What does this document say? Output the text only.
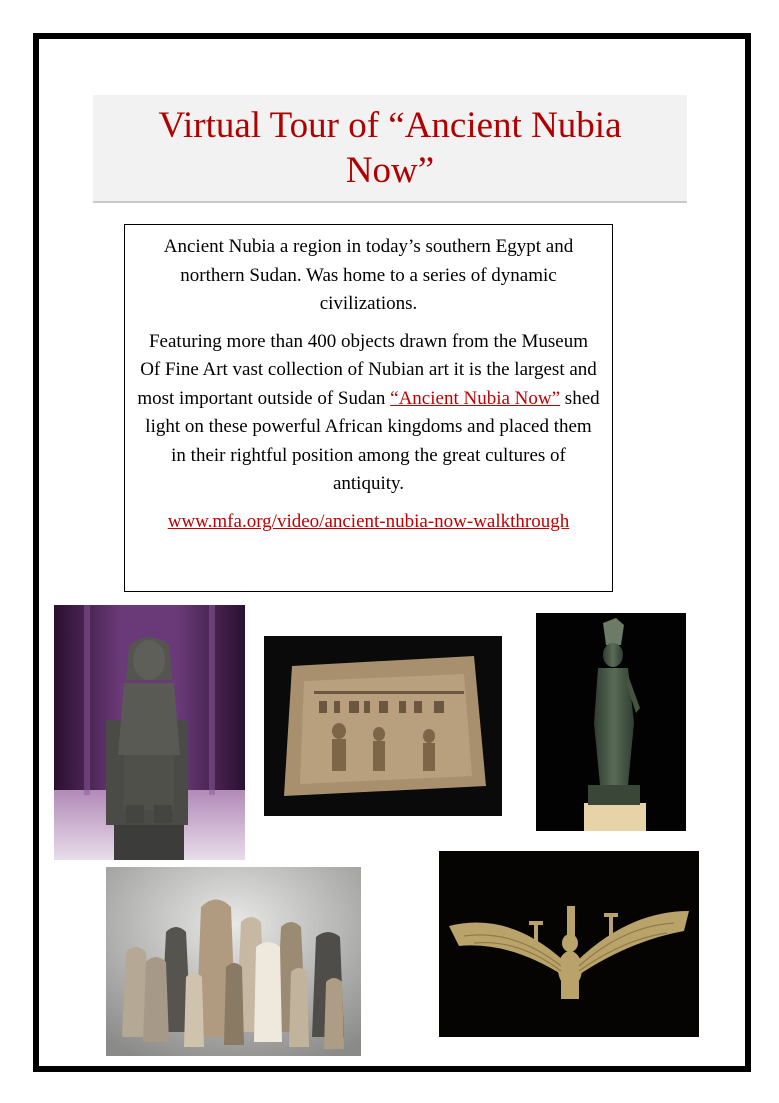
Virtual Tour of “Ancient Nubia Now”

Ancient Nubia a region in today’s southern Egypt and northern Sudan. Was home to a series of dynamic civilizations.

Featuring more than 400 objects drawn from the Museum Of Fine Art vast collection of Nubian art it is the largest and most important outside of Sudan “Ancient Nubia Now” shed light on these powerful African kingdoms and placed them in their rightful position among the great cultures of antiquity.

www.mfa.org/video/ancient-nubia-now-walkthrough
